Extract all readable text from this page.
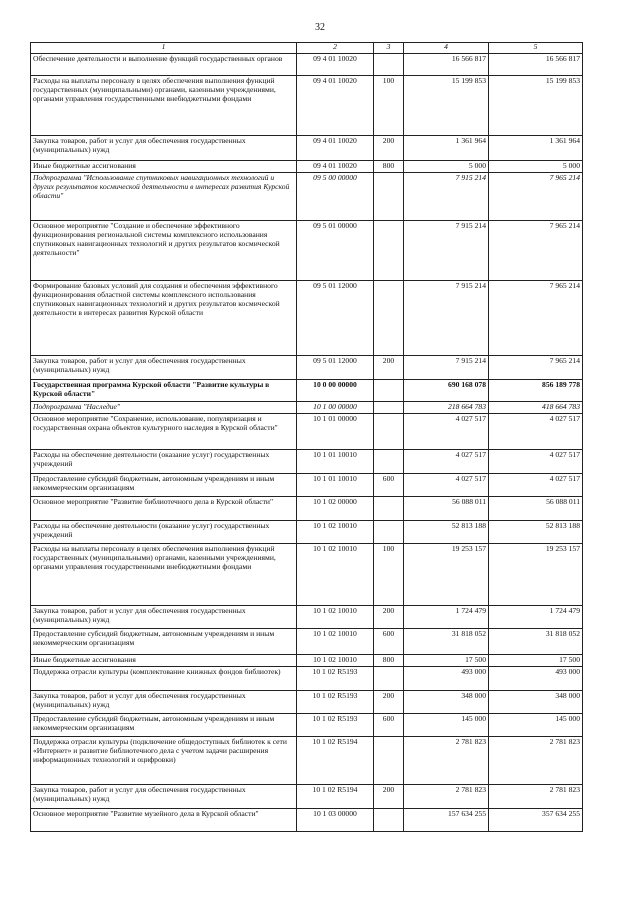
32
1	2	3	4	5
Обеспечение деятельности и выполнение функций государственных органов	09 4 01 10020		16 566 817	16 566 817
Расходы на выплаты персоналу в целях обеспечения выполнения функций государственных (муниципальными) органами, казенными учреждениями, органами управления государственными внебюджетными фондами	09 4 01 10020	100	15 199 853	15 199 853
Закупка товаров, работ и услуг для обеспечения государственных (муниципальных) нужд	09 4 01 10020	200	1 361 964	1 361 964
Иные бюджетные ассигнования	09 4 01 10020	800	5 000	5 000
Подпрограмма "Использование спутниковых навигационных технологий и других результатов космической деятельности в интересах развития Курской области"	09 5 00 00000		7 915 214	7 965 214
Основное мероприятие "Создание и обеспечение эффективного функционирования региональной системы комплексного использования спутниковых навигационных технологий и других результатов космической деятельности"	09 5 01 00000		7 915 214	7 965 214
Формирование базовых условий для создания и обеспечения эффективного функционирования областной системы комплексного использования спутниковых навигационных технологий и других результатов космической деятельности в интересах развития Курской области	09 5 01 12000		7 915 214	7 965 214
Закупка товаров, работ и услуг для обеспечения государственных (муниципальных) нужд	09 5 01 12000	200	7 915 214	7 965 214
Государственная программа Курской области "Развитие культуры в Курской области"	10 0 00 00000		690 168 078	856 189 778
Подпрограмма "Наследие"	10 1 00 00000		218 664 783	418 664 783
Основное мероприятие "Сохранение, использование, популяризация и государственная охрана объектов культурного наследия в Курской области"	10 1 01 00000		4 027 517	4 027 517
Расходы на обеспечение деятельности (оказание услуг) государственных учреждений	10 1 01 10010		4 027 517	4 027 517
Предоставление субсидий бюджетным, автономным учреждениям и иным некоммерческим организациям	10 1 01 10010	600	4 027 517	4 027 517
Основное мероприятие "Развитие библиотечного дела в Курской области"	10 1 02 00000		56 088 011	56 088 011
Расходы на обеспечение деятельности (оказание услуг) государственных учреждений	10 1 02 10010		52 813 188	52 813 188
Расходы на выплаты персоналу в целях обеспечения выполнения функций государственных (муниципальными) органами, казенными учреждениями, органами управления государственными внебюджетными фондами	10 1 02 10010	100	19 253 157	19 253 157
Закупка товаров, работ и услуг для обеспечения государственных (муниципальных) нужд	10 1 02 10010	200	1 724 479	1 724 479
Предоставление субсидий бюджетным, автономным учреждениям и иным некоммерческим организациям	10 1 02 10010	600	31 818 052	31 818 052
Иные бюджетные ассигнования	10 1 02 10010	800	17 500	17 500
Поддержка отрасли культуры (комплектование книжных фондов библиотек)	10 1 02 R5193		493 000	493 000
Закупка товаров, работ и услуг для обеспечения государственных (муниципальных) нужд	10 1 02 R5193	200	348 000	348 000
Предоставление субсидий бюджетным, автономным учреждениям и иным некоммерческим организациям	10 1 02 R5193	600	145 000	145 000
Поддержка отрасли культуры (подключение общедоступных библиотек к сети «Интернет» и развитие библиотечного дела с учетом задачи расширения информационных технологий и оцифровки)	10 1 02 R5194		2 781 823	2 781 823
Закупка товаров, работ и услуг для обеспечения государственных (муниципальных) нужд	10 1 02 R5194	200	2 781 823	2 781 823
Основное мероприятие "Развитие музейного дела в Курской области"	10 1 03 00000		157 634 255	357 634 255
